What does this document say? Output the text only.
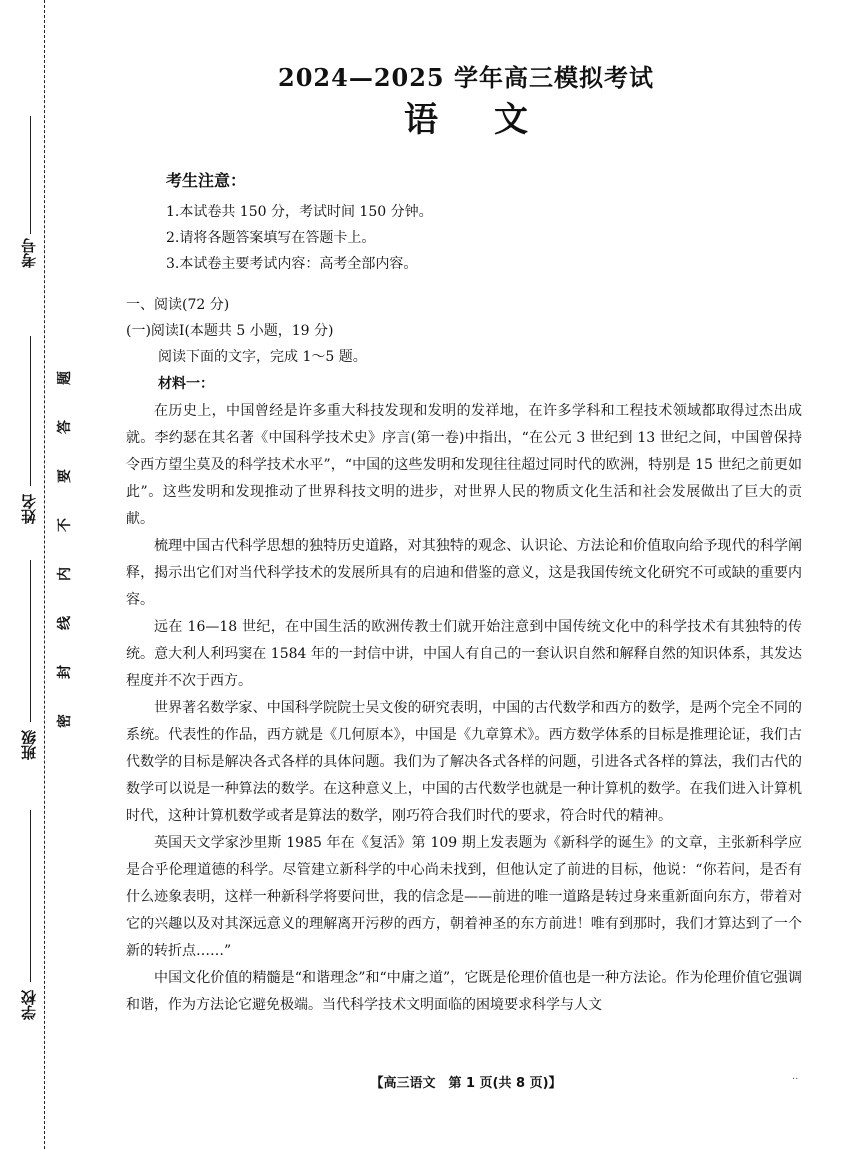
考号
姓名
班级
学校
题
答
要
不
内
线
封
密
2024—2025 学年高三模拟考试
语文
考生注意：
1.本试卷共 150 分，考试时间 150 分钟。
2.请将各题答案填写在答题卡上。
3.本试卷主要考试内容：高考全部内容。
一、阅读(72 分)
(一)阅读Ⅰ(本题共 5 小题，19 分)
阅读下面的文字，完成 1～5 题。
材料一：

在历史上，中国曾经是许多重大科技发现和发明的发祥地，在许多学科和工程技术领域都取得过杰出成就。李约瑟在其名著《中国科学技术史》序言(第一卷)中指出，“在公元 3 世纪到 13 世纪之间，中国曾保持令西方望尘莫及的科学技术水平”，“中国的这些发明和发现往往超过同时代的欧洲，特别是 15 世纪之前更如此”。这些发明和发现推动了世界科技文明的进步，对世界人民的物质文化生活和社会发展做出了巨大的贡献。

梳理中国古代科学思想的独特历史道路，对其独特的观念、认识论、方法论和价值取向给予现代的科学阐释，揭示出它们对当代科学技术的发展所具有的启迪和借鉴的意义，这是我国传统文化研究不可或缺的重要内容。

远在 16—18 世纪，在中国生活的欧洲传教士们就开始注意到中国传统文化中的科学技术有其独特的传统。意大利人利玛窦在 1584 年的一封信中讲，中国人有自己的一套认识自然和解释自然的知识体系，其发达程度并不次于西方。

世界著名数学家、中国科学院院士吴文俊的研究表明，中国的古代数学和西方的数学，是两个完全不同的系统。代表性的作品，西方就是《几何原本》，中国是《九章算术》。西方数学体系的目标是推理论证，我们古代数学的目标是解决各式各样的具体问题。我们为了解决各式各样的问题，引进各式各样的算法，我们古代的数学可以说是一种算法的数学。在这种意义上，中国的古代数学也就是一种计算机的数学。在我们进入计算机时代，这种计算机数学或者是算法的数学，刚巧符合我们时代的要求，符合时代的精神。

英国天文学家沙里斯 1985 年在《复活》第 109 期上发表题为《新科学的诞生》的文章，主张新科学应是合乎伦理道德的科学。尽管建立新科学的中心尚未找到，但他认定了前进的目标，他说：“你若问，是否有什么迹象表明，这样一种新科学将要问世，我的信念是——前进的唯一道路是转过身来重新面向东方，带着对它的兴趣以及对其深远意义的理解离开污秽的西方，朝着神圣的东方前进！唯有到那时，我们才算达到了一个新的转折点……”

中国文化价值的精髓是“和谐理念”和“中庸之道”，它既是伦理价值也是一种方法论。作为伦理价值它强调和谐，作为方法论它避免极端。当代科学技术文明面临的困境要求科学与人文

【高三语文　第 1 页(共 8 页)】	··
